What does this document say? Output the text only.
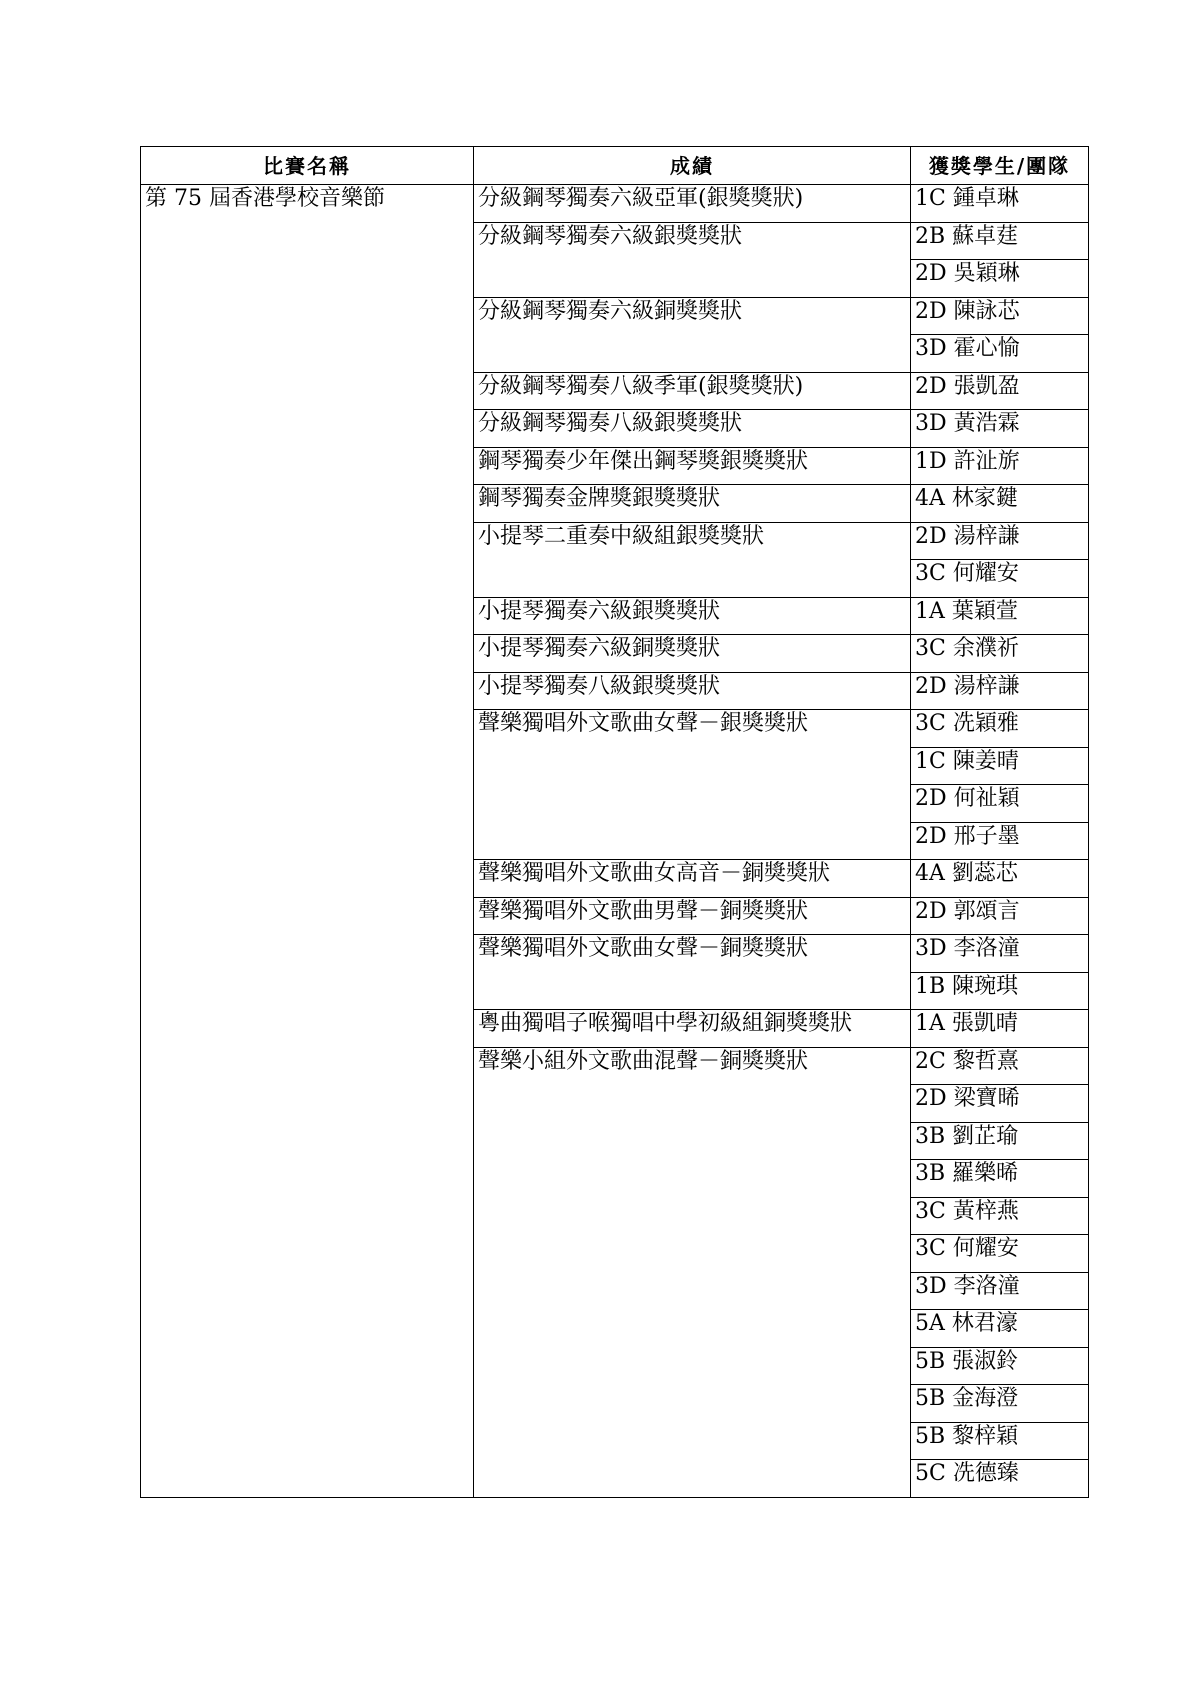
比賽名稱	成績	獲獎學生/團隊
第 75 屆香港學校音樂節	分級鋼琴獨奏六級亞軍(銀獎獎狀)	1C 鍾卓琳
	分級鋼琴獨奏六級銀獎獎狀	2B 蘇卓莛
		2D 吳穎琳
	分級鋼琴獨奏六級銅獎獎狀	2D 陳詠芯
		3D 霍心愉
	分級鋼琴獨奏八級季軍(銀獎獎狀)	2D 張凱盈
	分級鋼琴獨奏八級銀獎獎狀	3D 黃浩霖
	鋼琴獨奏少年傑出鋼琴獎銀獎獎狀	1D 許沚旂
	鋼琴獨奏金牌獎銀獎獎狀	4A 林家鍵
	小提琴二重奏中級組銀獎獎狀	2D 湯梓謙
		3C 何耀安
	小提琴獨奏六級銀獎獎狀	1A 葉穎萱
	小提琴獨奏六級銅獎獎狀	3C 余濮祈
	小提琴獨奏八級銀獎獎狀	2D 湯梓謙
	聲樂獨唱外文歌曲女聲－銀獎獎狀	3C 冼穎雅
		1C 陳姜晴
		2D 何祉穎
		2D 邢子墨
	聲樂獨唱外文歌曲女高音－銅獎獎狀	4A 劉蕊芯
	聲樂獨唱外文歌曲男聲－銅獎獎狀	2D 郭頌言
	聲樂獨唱外文歌曲女聲－銅獎獎狀	3D 李洛潼
		1B 陳琬琪
	粵曲獨唱子喉獨唱中學初級組銅獎獎狀	1A 張凱晴
	聲樂小組外文歌曲混聲－銅獎獎狀	2C 黎哲熹
		2D 梁寶晞
		3B 劉芷瑜
		3B 羅樂晞
		3C 黃梓燕
		3C 何耀安
		3D 李洛潼
		5A 林君濠
		5B 張淑鈴
		5B 金海澄
		5B 黎梓穎
		5C 冼德臻
